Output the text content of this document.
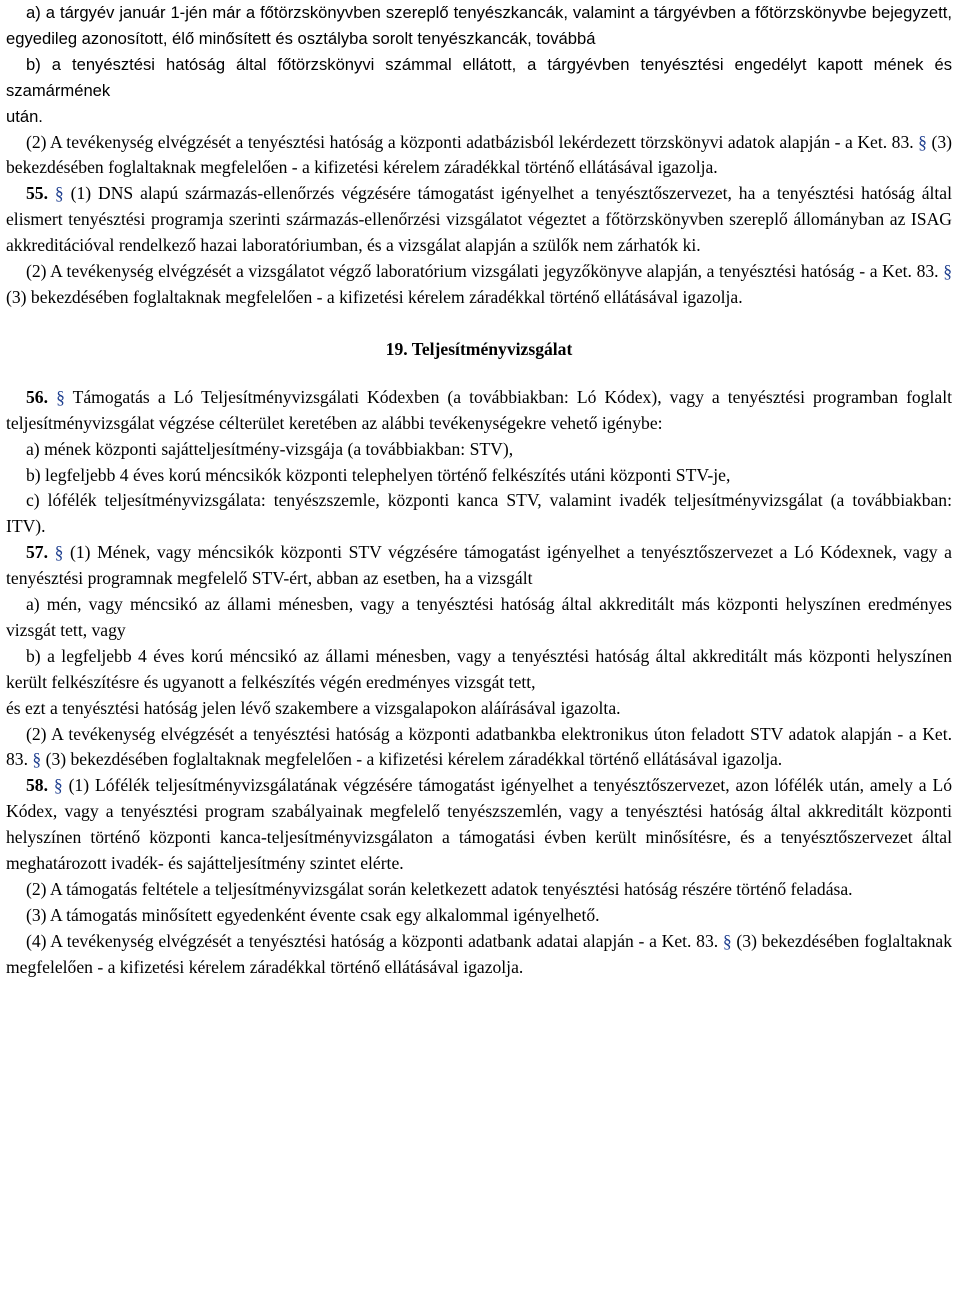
a) a tárgyév január 1-jén már a főtörzskönyvben szereplő tenyészkancák, valamint a tárgyévben a főtörzskönyvbe bejegyzett, egyedileg azonosított, élő minősített és osztályba sorolt tenyészkancák, továbbá

b) a tenyésztési hatóság által főtörzskönyvi számmal ellátott, a tárgyévben tenyésztési engedélyt kapott mének és szamármének

után.

(2) A tevékenység elvégzését a tenyésztési hatóság a központi adatbázisból lekérdezett törzskönyvi adatok alapján - a Ket. 83. § (3) bekezdésében foglaltaknak megfelelően - a kifizetési kérelem záradékkal történő ellátásával igazolja.

55. § (1) DNS alapú származás-ellenőrzés végzésére támogatást igényelhet a tenyésztőszervezet, ha a tenyésztési hatóság által elismert tenyésztési programja szerinti származás-ellenőrzési vizsgálatot végeztet a főtörzskönyvben szereplő állományban az ISAG akkreditációval rendelkező hazai laboratóriumban, és a vizsgálat alapján a szülők nem zárhatók ki.

(2) A tevékenység elvégzését a vizsgálatot végző laboratórium vizsgálati jegyzőkönyve alapján, a tenyésztési hatóság - a Ket. 83. § (3) bekezdésében foglaltaknak megfelelően - a kifizetési kérelem záradékkal történő ellátásával igazolja.

19. Teljesítményvizsgálat

56. § Támogatás a Ló Teljesítményvizsgálati Kódexben (a továbbiakban: Ló Kódex), vagy a tenyésztési programban foglalt teljesítményvizsgálat végzése célterület keretében az alábbi tevékenységekre vehető igénybe:

a) mének központi sajátteljesítmény-vizsgája (a továbbiakban: STV),

b) legfeljebb 4 éves korú méncsikók központi telephelyen történő felkészítés utáni központi STV-je,

c) lófélék teljesítményvizsgálata: tenyészszemle, központi kanca STV, valamint ivadék teljesítményvizsgálat (a továbbiakban: ITV).

57. § (1) Mének, vagy méncsikók központi STV végzésére támogatást igényelhet a tenyésztőszervezet a Ló Kódexnek, vagy a tenyésztési programnak megfelelő STV-ért, abban az esetben, ha a vizsgált

a) mén, vagy méncsikó az állami ménesben, vagy a tenyésztési hatóság által akkreditált más központi helyszínen eredményes vizsgát tett, vagy

b) a legfeljebb 4 éves korú méncsikó az állami ménesben, vagy a tenyésztési hatóság által akkreditált más központi helyszínen került felkészítésre és ugyanott a felkészítés végén eredményes vizsgát tett,

és ezt a tenyésztési hatóság jelen lévő szakembere a vizsgalapokon aláírásával igazolta.

(2) A tevékenység elvégzését a tenyésztési hatóság a központi adatbankba elektronikus úton feladott STV adatok alapján - a Ket. 83. § (3) bekezdésében foglaltaknak megfelelően - a kifizetési kérelem záradékkal történő ellátásával igazolja.

58. § (1) Lófélék teljesítményvizsgálatának végzésére támogatást igényelhet a tenyésztőszervezet, azon lófélék után, amely a Ló Kódex, vagy a tenyésztési program szabályainak megfelelő tenyészszemlén, vagy a tenyésztési hatóság által akkreditált központi helyszínen történő központi kanca-teljesítményvizsgálaton a támogatási évben került minősítésre, és a tenyésztőszervezet által meghatározott ivadék- és sajátteljesítmény szintet elérte.

(2) A támogatás feltétele a teljesítményvizsgálat során keletkezett adatok tenyésztési hatóság részére történő feladása.

(3) A támogatás minősített egyedenként évente csak egy alkalommal igényelhető.

(4) A tevékenység elvégzését a tenyésztési hatóság a központi adatbank adatai alapján - a Ket. 83. § (3) bekezdésében foglaltaknak megfelelően - a kifizetési kérelem záradékkal történő ellátásával igazolja.
